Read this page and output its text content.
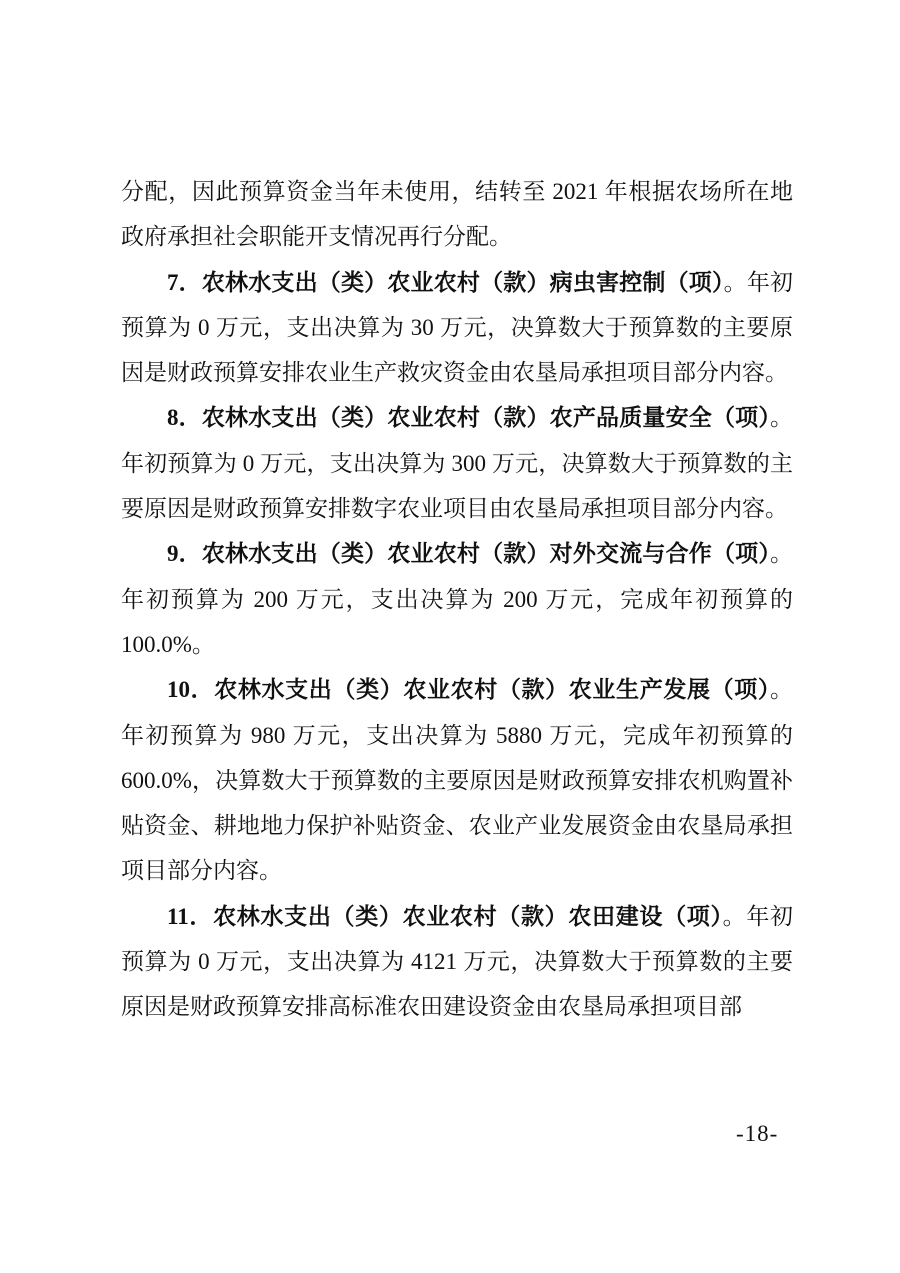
分配，因此预算资金当年未使用，结转至 2021 年根据农场所在地政府承担社会职能开支情况再行分配。

7．农林水支出（类）农业农村（款）病虫害控制（项）。年初预算为 0 万元，支出决算为 30 万元，决算数大于预算数的主要原因是财政预算安排农业生产救灾资金由农垦局承担项目部分内容。

8．农林水支出（类）农业农村（款）农产品质量安全（项）。年初预算为 0 万元，支出决算为 300 万元，决算数大于预算数的主要原因是财政预算安排数字农业项目由农垦局承担项目部分内容。

9．农林水支出（类）农业农村（款）对外交流与合作（项）。年初预算为 200 万元，支出决算为 200 万元，完成年初预算的 100.0%。

10．农林水支出（类）农业农村（款）农业生产发展（项）。年初预算为 980 万元，支出决算为 5880 万元，完成年初预算的 600.0%，决算数大于预算数的主要原因是财政预算安排农机购置补贴资金、耕地地力保护补贴资金、农业产业发展资金由农垦局承担项目部分内容。

11．农林水支出（类）农业农村（款）农田建设（项）。年初预算为 0 万元，支出决算为 4121 万元，决算数大于预算数的主要原因是财政预算安排高标准农田建设资金由农垦局承担项目部

-18-
